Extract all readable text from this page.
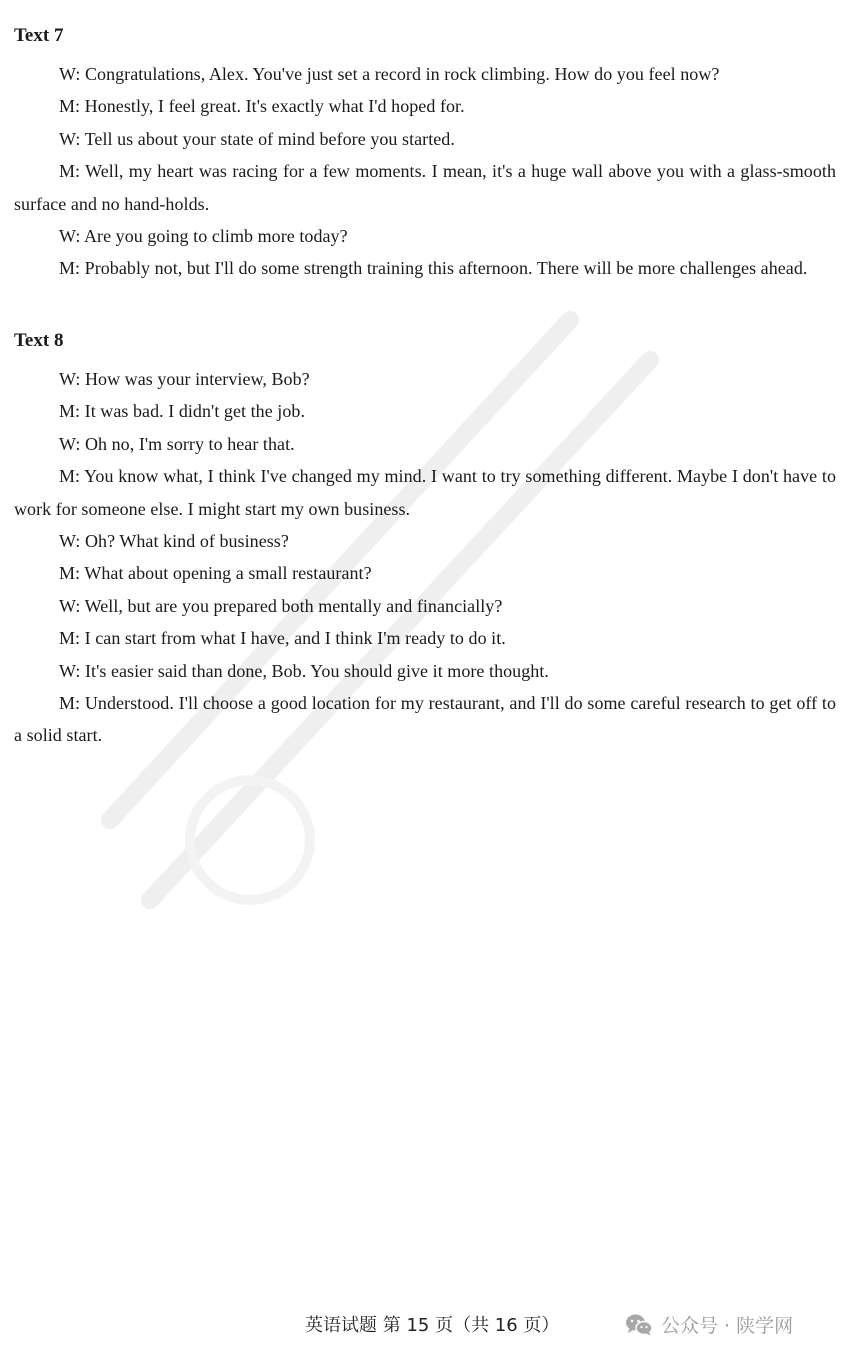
Text 7

W: Congratulations, Alex. You've just set a record in rock climbing. How do you feel now?

M: Honestly, I feel great. It's exactly what I'd hoped for.

W: Tell us about your state of mind before you started.

M: Well, my heart was racing for a few moments. I mean, it's a huge wall above you with a glass-smooth surface and no hand-holds.

W: Are you going to climb more today?

M: Probably not, but I'll do some strength training this afternoon. There will be more challenges ahead.

Text 8

W: How was your interview, Bob?

M: It was bad. I didn't get the job.

W: Oh no, I'm sorry to hear that.

M: You know what, I think I've changed my mind. I want to try something different. Maybe I don't have to work for someone else. I might start my own business.

W: Oh? What kind of business?

M: What about opening a small restaurant?

W: Well, but are you prepared both mentally and financially?

M: I can start from what I have, and I think I'm ready to do it.

W: It's easier said than done, Bob. You should give it more thought.

M: Understood. I'll choose a good location for my restaurant, and I'll do some careful research to get off to a solid start.

英语试题 第 15 页（共 16 页）	公众号 · 陕学网
